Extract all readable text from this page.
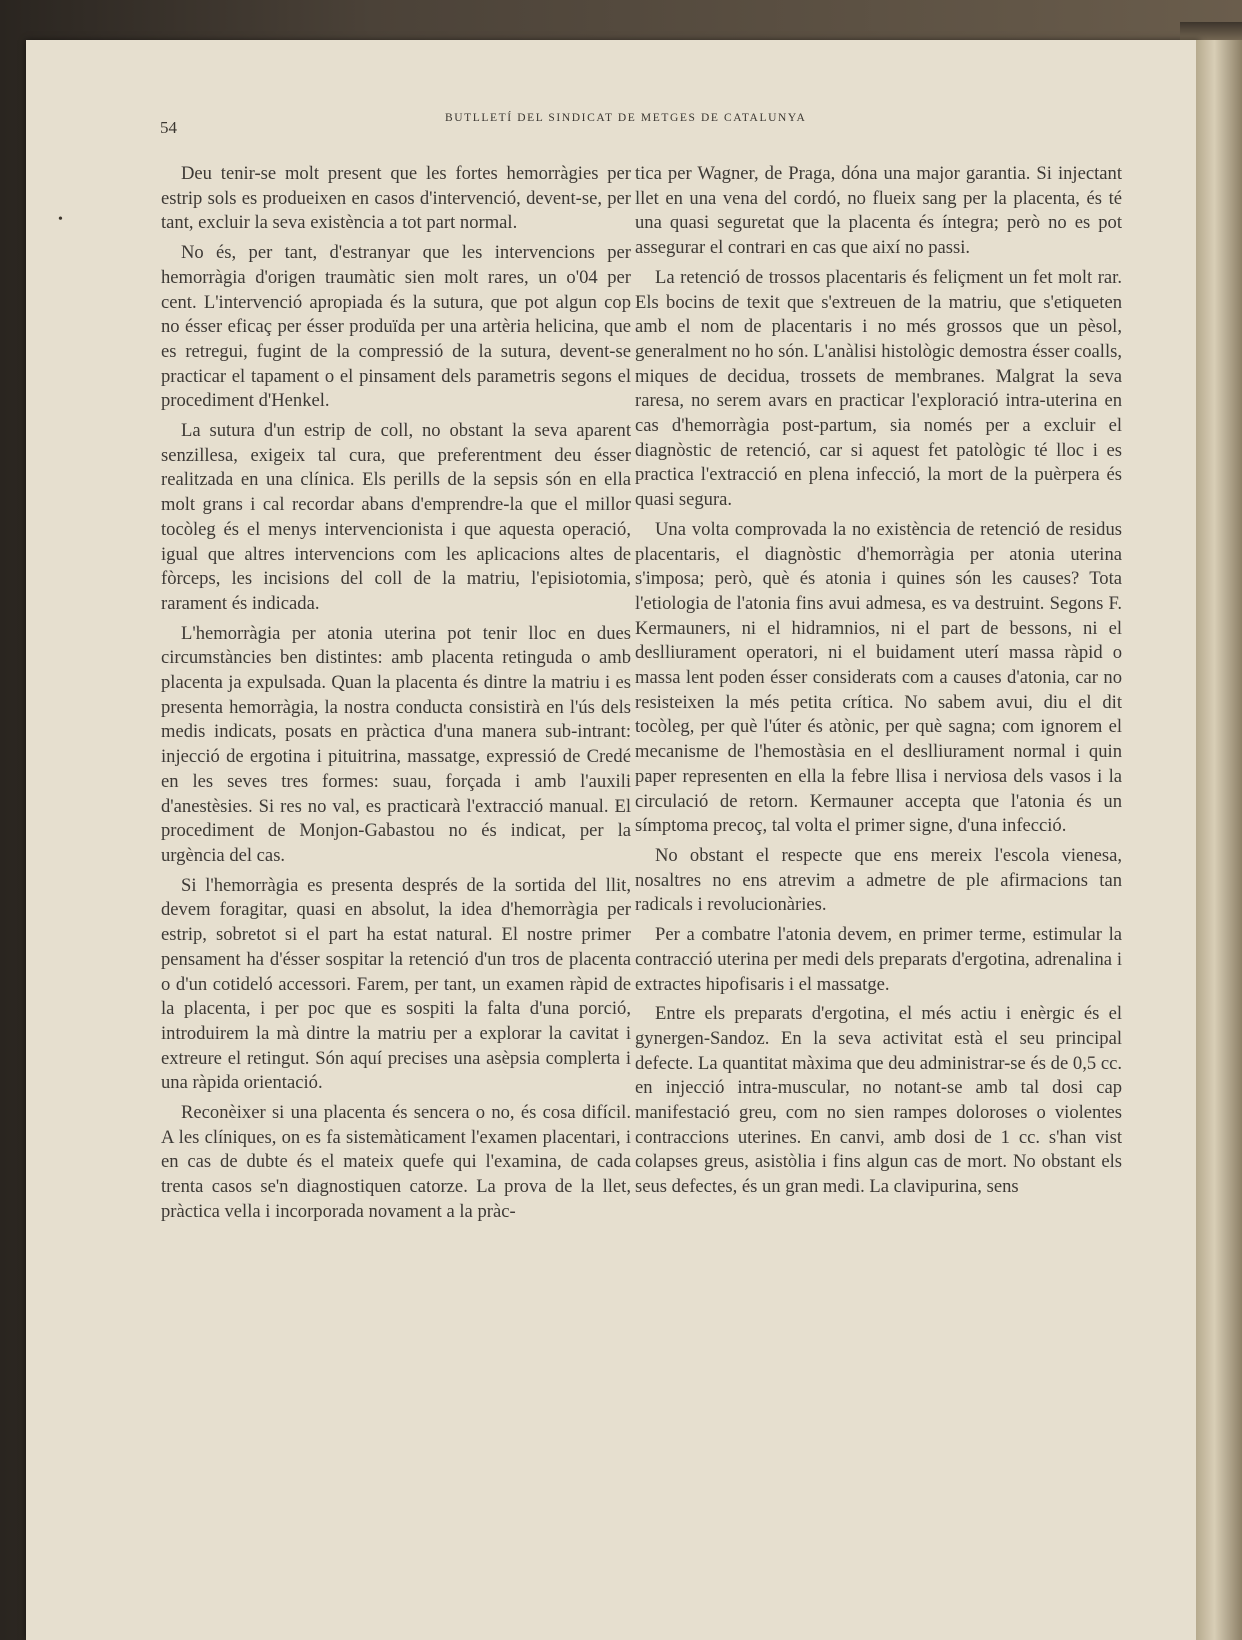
•
54	BUTLLETÍ DEL SINDICAT DE METGES DE CATALUNYA

Deu tenir-se molt present que les fortes hemorràgies per estrip sols es produeixen en casos d'intervenció, devent-se, per tant, excluir la seva existència a tot part normal.

No és, per tant, d'estranyar que les intervencions per hemorràgia d'origen traumàtic sien molt rares, un o'04 per cent. L'intervenció apropiada és la sutura, que pot algun cop no ésser eficaç per ésser produïda per una artèria helicina, que es retregui, fugint de la compressió de la sutura, devent-se practicar el tapament o el pinsament dels parametris segons el procediment d'Henkel.

La sutura d'un estrip de coll, no obstant la seva aparent senzillesa, exigeix tal cura, que preferentment deu ésser realitzada en una clínica. Els perills de la sepsis són en ella molt grans i cal recordar abans d'emprendre-la que el millor tocòleg és el menys intervencionista i que aquesta operació, igual que altres intervencions com les aplicacions altes de fòrceps, les incisions del coll de la matriu, l'episiotomia, rarament és indicada.

L'hemorràgia per atonia uterina pot tenir lloc en dues circumstàncies ben distintes: amb placenta retinguda o amb placenta ja expulsada. Quan la placenta és dintre la matriu i es presenta hemorràgia, la nostra conducta consistirà en l'ús dels medis indicats, posats en pràctica d'una manera sub-intrant: injecció de ergotina i pituitrina, massatge, expressió de Credé en les seves tres formes: suau, forçada i amb l'auxili d'anestèsies. Si res no val, es practicarà l'extracció manual. El procediment de Monjon-Gabastou no és indicat, per la urgència del cas.

Si l'hemorràgia es presenta després de la sortida del llit, devem foragitar, quasi en absolut, la idea d'hemorràgia per estrip, sobretot si el part ha estat natural. El nostre primer pensament ha d'ésser sospitar la retenció d'un tros de placenta o d'un cotideló accessori. Farem, per tant, un examen ràpid de la placenta, i per poc que es sospiti la falta d'una porció, introduirem la mà dintre la matriu per a explorar la cavitat i extreure el retingut. Són aquí precises una asèpsia complerta i una ràpida orientació.

Reconèixer si una placenta és sencera o no, és cosa difícil. A les clíniques, on es fa sistemàticament l'examen placentari, i en cas de dubte és el mateix quefe qui l'examina, de cada trenta casos se'n diagnostiquen catorze. La prova de la llet, pràctica vella i incorporada novament a la pràc-

tica per Wagner, de Praga, dóna una major garantia. Si injectant llet en una vena del cordó, no flueix sang per la placenta, és té una quasi seguretat que la placenta és íntegra; però no es pot assegurar el contrari en cas que així no passi.

La retenció de trossos placentaris és feliçment un fet molt rar. Els bocins de texit que s'extreuen de la matriu, que s'etiqueten amb el nom de placentaris i no més grossos que un pèsol, generalment no ho són. L'anàlisi histològic demostra ésser coalls, miques de decidua, trossets de membranes. Malgrat la seva raresa, no serem avars en practicar l'exploració intra-uterina en cas d'hemorràgia post-partum, sia només per a excluir el diagnòstic de retenció, car si aquest fet patològic té lloc i es practica l'extracció en plena infecció, la mort de la puèrpera és quasi segura.

Una volta comprovada la no existència de retenció de residus placentaris, el diagnòstic d'hemorràgia per atonia uterina s'imposa; però, què és atonia i quines són les causes? Tota l'etiologia de l'atonia fins avui admesa, es va destruint. Segons F. Kermauners, ni el hidramnios, ni el part de bessons, ni el deslliurament operatori, ni el buidament uterí massa ràpid o massa lent poden ésser considerats com a causes d'atonia, car no resisteixen la més petita crítica. No sabem avui, diu el dit tocòleg, per què l'úter és atònic, per què sagna; com ignorem el mecanisme de l'hemostàsia en el deslliurament normal i quin paper representen en ella la febre llisa i nerviosa dels vasos i la circulació de retorn. Kermauner accepta que l'atonia és un símptoma precoç, tal volta el primer signe, d'una infecció.

No obstant el respecte que ens mereix l'escola vienesa, nosaltres no ens atrevim a admetre de ple afirmacions tan radicals i revolucionàries.

Per a combatre l'atonia devem, en primer terme, estimular la contracció uterina per medi dels preparats d'ergotina, adrenalina i extractes hipofisaris i el massatge.

Entre els preparats d'ergotina, el més actiu i enèrgic és el gynergen-Sandoz. En la seva activitat està el seu principal defecte. La quantitat màxima que deu administrar-se és de 0,5 cc. en injecció intra-muscular, no notant-se amb tal dosi cap manifestació greu, com no sien rampes doloroses o violentes contraccions uterines. En canvi, amb dosi de 1 cc. s'han vist colapses greus, asistòlia i fins algun cas de mort. No obstant els seus defectes, és un gran medi. La clavipurina, sens
